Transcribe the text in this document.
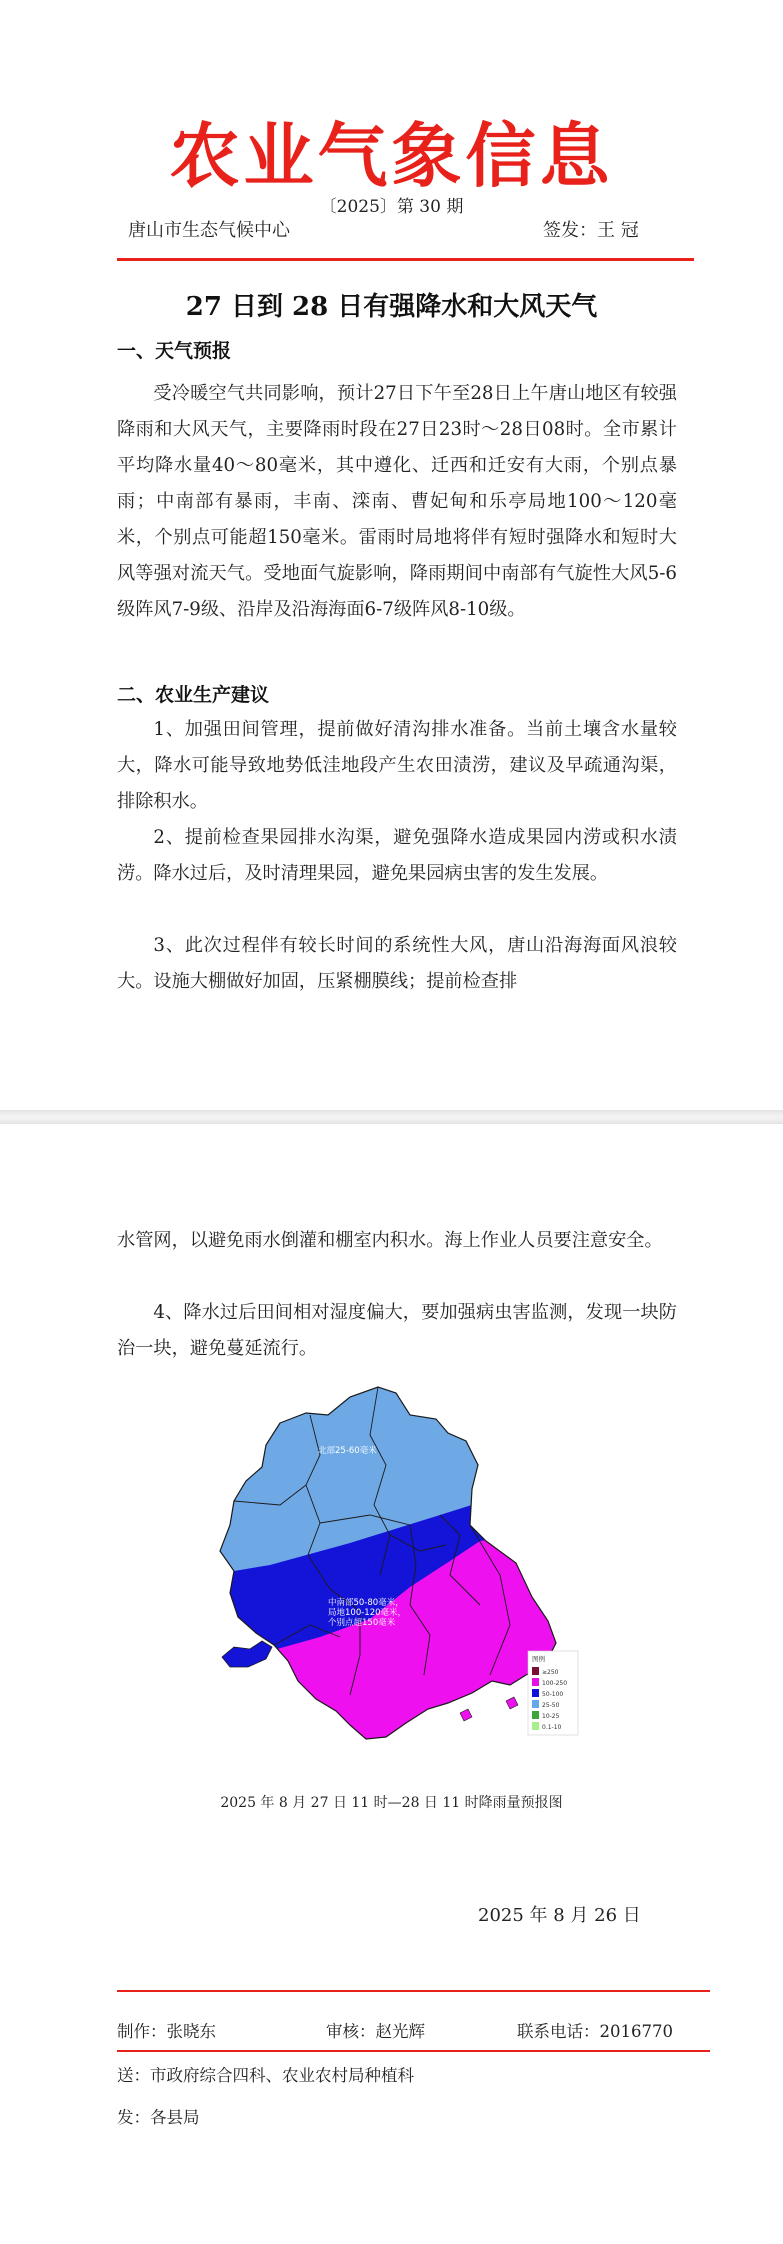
农业气象信息
〔2025〕第 30 期
唐山市生态气候中心	签发：王 冠
27 日到 28 日有强降水和大风天气
一、天气预报
受冷暖空气共同影响，预计27日下午至28日上午唐山地区有较强降雨和大风天气，主要降雨时段在27日23时～28日08时。全市累计平均降水量40～80毫米，其中遵化、迁西和迁安有大雨，个别点暴雨；中南部有暴雨，丰南、滦南、曹妃甸和乐亭局地100～120毫米，个别点可能超150毫米。雷雨时局地将伴有短时强降水和短时大风等强对流天气。受地面气旋影响，降雨期间中南部有气旋性大风5-6级阵风7-9级、沿岸及沿海海面6-7级阵风8-10级。
二、农业生产建议
1、加强田间管理，提前做好清沟排水准备。当前土壤含水量较大，降水可能导致地势低洼地段产生农田渍涝，建议及早疏通沟渠，排除积水。
2、提前检查果园排水沟渠，避免强降水造成果园内涝或积水渍涝。降水过后，及时清理果园，避免果园病虫害的发生发展。
3、此次过程伴有较长时间的系统性大风，唐山沿海海面风浪较大。设施大棚做好加固，压紧棚膜线；提前检查排
水管网，以避免雨水倒灌和棚室内积水。海上作业人员要注意安全。
4、降水过后田间相对湿度偏大，要加强病虫害监测，发现一块防治一块，避免蔓延流行。
北部25-60毫米
中南部50-80毫米，
局地100-120毫米，
个别点超150毫米
图例
≥250
100-250
50-100
25-50
10-25
0.1-10
2025 年 8 月 27 日 11 时—28 日 11 时降雨量预报图
2025 年 8 月 26 日
制作：张晓东	审核：赵光辉	联系电话：2016770
送：市政府综合四科、农业农村局种植科
发：各县局
